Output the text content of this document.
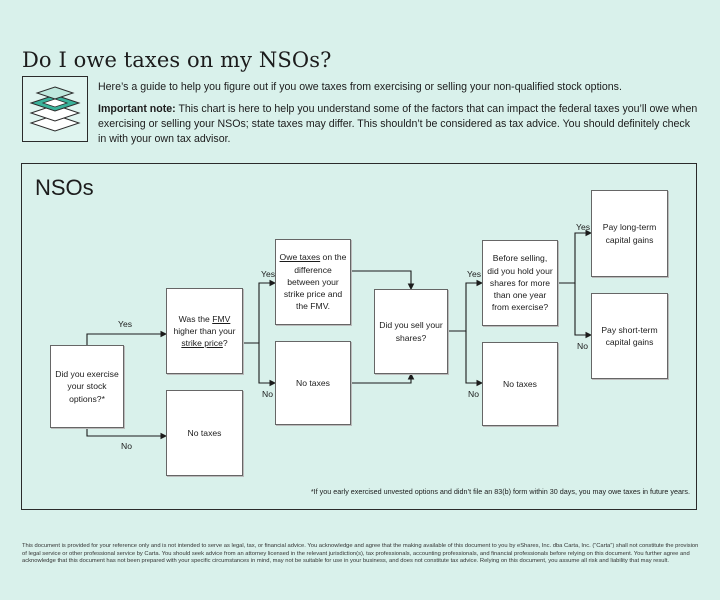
Do I owe taxes on my NSOs?

Here’s a guide to help you figure out if you owe taxes from exercising or selling your non-qualified stock options.

Important note: This chart is here to help you understand some of the factors that can impact the federal taxes you’ll owe when exercising or selling your NSOs; state taxes may differ. This shouldn’t be considered as tax advice. You should definitely check in with your own tax advisor.

NSOs
Yes
No
Yes
No
Yes
No
Yes
No
Did you exercise your stock options?*
Was the FMV higher than your strike price?
No taxes
Owe taxes on the difference between your strike price and the FMV.
No taxes
Did you sell your shares?
Before selling, did you hold your shares for more than one year from exercise?
No taxes
Pay long-term capital gains
Pay short-term capital gains
*If you early exercised unvested options and didn’t file an 83(b) form within 30 days, you may owe taxes in future years.
This document is provided for your reference only and is not intended to serve as legal, tax, or financial advice. You acknowledge and agree that the making available of this document to you by eShares, Inc. dba Carta, Inc. (“Carta”) shall not constitute the provision of legal service or other professional service by Carta. You should seek advice from an attorney licensed in the relevant jurisdiction(s), tax professionals, accounting professionals, and financial professionals before relying on this document. You further agree and acknowledge that this document has not been prepared with your specific circumstances in mind, may not be suitable for use in your business, and does not constitute tax advice. Relying on this document, you assume all risk and liability that may result.
